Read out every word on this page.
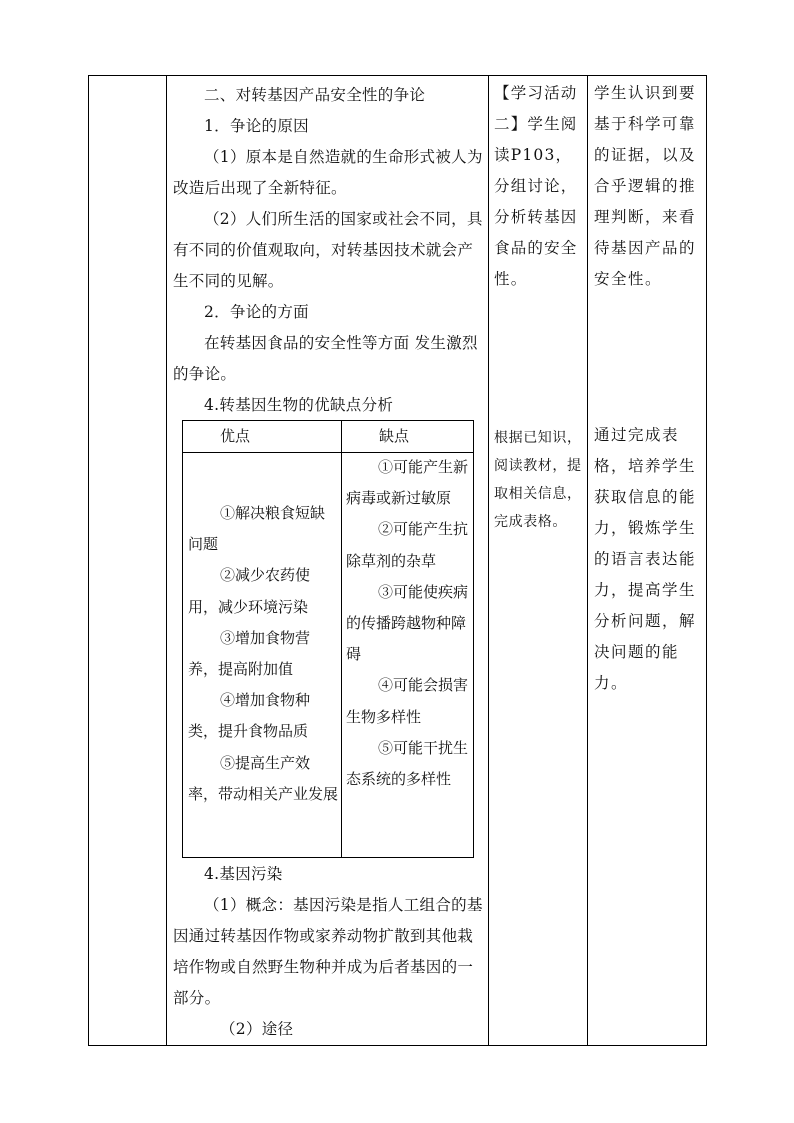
二、对转基因产品安全性的争论

1．争论的原因

（1）原本是自然造就的生命形式被人为改造后出现了全新特征。

（2）人们所生活的国家或社会不同，具有不同的价值观取向，对转基因技术就会产生不同的见解。

2．争论的方面

在转基因食品的安全性等方面 发生激烈的争论。

4.转基因生物的优缺点分析

优点	缺点

①解决粮食短缺问题

②减少农药使用，减少环境污染

③增加食物营养，提高附加值

④增加食物种类，提升食物品质

⑤提高生产效率，带动相关产业发展

①可能产生新病毒或新过敏原

②可能产生抗除草剂的杂草

③可能使疾病的传播跨越物种障碍

④可能会损害生物多样性

⑤可能干扰生态系统的多样性

4.基因污染

（1）概念：基因污染是指人工组合的基因通过转基因作物或家养动物扩散到其他栽培作物或自然野生物种并成为后者基因的一部分。

（2）途径

【学习活动二】学生阅读P103，分组讨论，分析转基因食品的安全性。
根据已知识，阅读教材，提取相关信息，完成表格。
学生认识到要基于科学可靠的证据，以及合乎逻辑的推理判断，来看待基因产品的安全性。
通过完成表格，培养学生获取信息的能力，锻炼学生的语言表达能力，提高学生分析问题，解决问题的能力。
